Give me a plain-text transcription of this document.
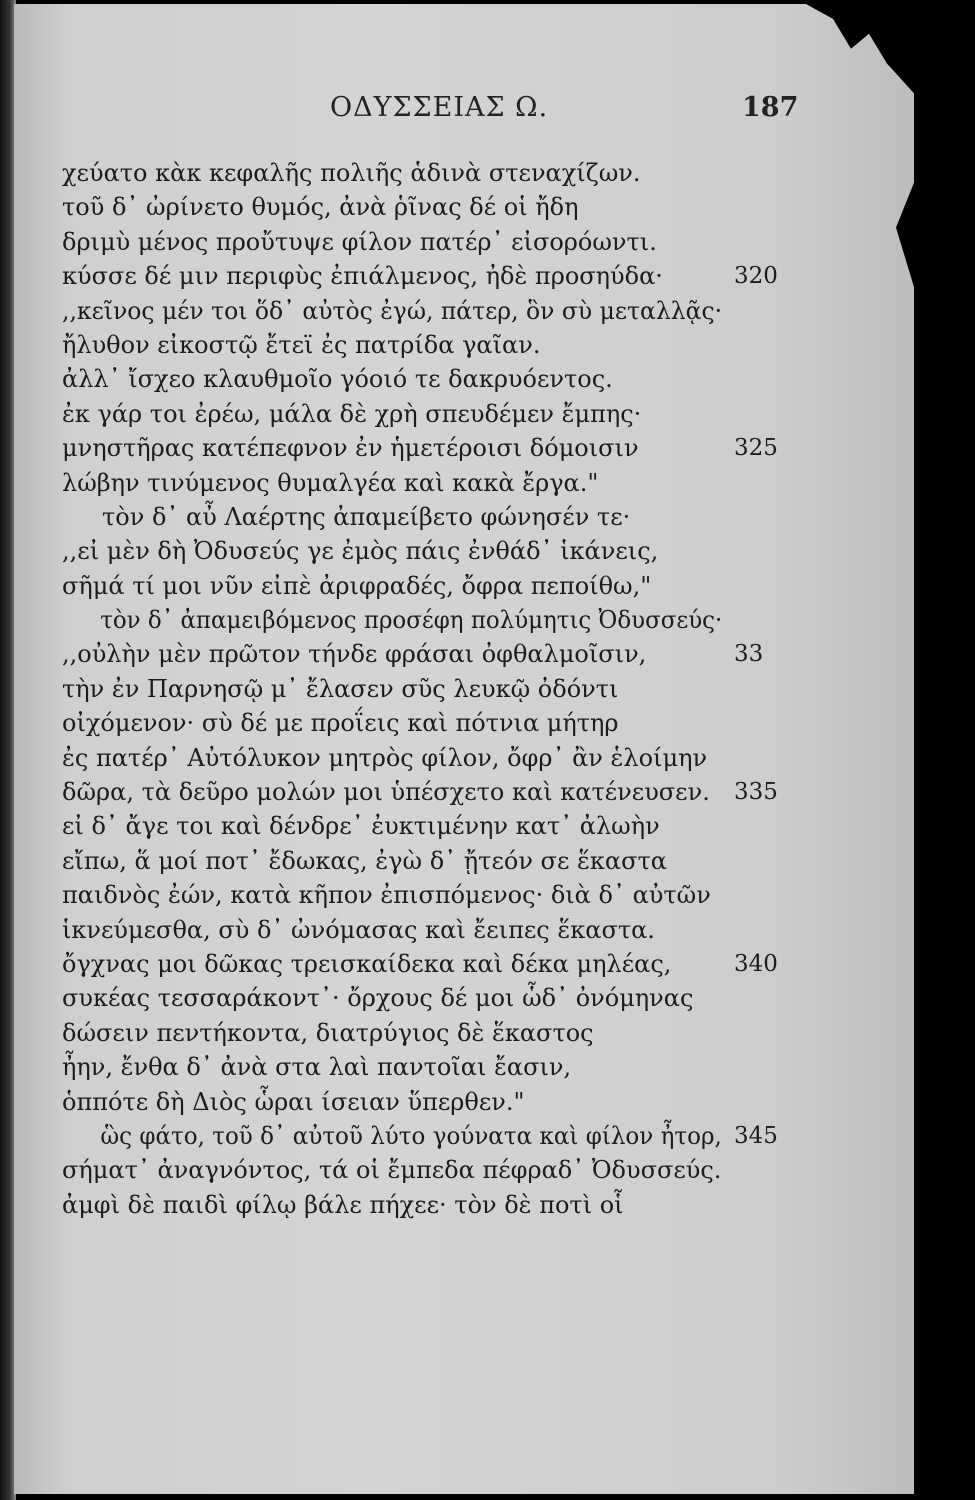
ΟΔΥΣΣΕΙΑΣ Ω.	187
χεύατο κὰκ κεφαλῆς πολιῆς ἁδινὰ στεναχίζων.
τοῦ δ᾽ ὠρίνετο θυμός, ἀνὰ ῥῖνας δέ οἱ ἤδη
δριμὺ μένος προὔτυψε φίλον πατέρ᾽ εἰσορόωντι.
κύσσε δέ μιν περιφὺς ἐπιάλμενος, ἠδὲ προσηύδα·	320
,,κεῖνος μέν τοι ὅδ᾽ αὐτὸς ἐγώ, πάτερ, ὃν σὺ μεταλλᾷς·
ἤλυθον εἰκοστῷ ἔτεϊ ἐς πατρίδα γαῖαν.
ἀλλ᾽ ἴσχεο κλαυθμοῖο γόοιό τε δακρυόεντος.
ἐκ γάρ τοι ἐρέω, μάλα δὲ χρὴ σπευδέμεν ἔμπης·
μνηστῆρας κατέπεφνον ἐν ἡμετέροισι δόμοισιν	325
λώβην τινύμενος θυμαλγέα καὶ κακὰ ἔργα."
τὸν δ᾽ αὖ Λαέρτης ἀπαμείβετο φώνησέν τε·
,,εἰ μὲν δὴ Ὀδυσεύς γε ἐμὸς πάις ἐνθάδ᾽ ἱκάνεις,
σῆμά τί μοι νῦν εἰπὲ ἀριφραδές, ὄφρα πεποίθω,"
τὸν δ᾽ ἀπαμειβόμενος προσέφη πολύμητις Ὀδυσσεύς·
,,οὐλὴν μὲν πρῶτον τήνδε φράσαι ὀφθαλμοῖσιν,	33
τὴν ἐν Παρνησῷ μ᾽ ἔλασεν σῦς λευκῷ ὀδόντι
οἰχόμενον· σὺ δέ με προΐεις καὶ πότνια μήτηρ
ἐς πατέρ᾽ Αὐτόλυκον μητρὸς φίλον, ὄφρ᾽ ἂν ἑλοίμην
δῶρα, τὰ δεῦρο μολών μοι ὑπέσχετο καὶ κατένευσεν. 335
εἰ δ᾽ ἄγε τοι καὶ δένδρε᾽ ἐυκτιμένην κατ᾽ ἀλωὴν
εἴπω, ἅ μοί ποτ᾽ ἔδωκας, ἐγὼ δ᾽ ᾔτεόν σε ἕκαστα
παιδνὸς ἐών, κατὰ κῆπον ἐπισπόμενος· διὰ δ᾽ αὐτῶν
ἱκνεύμεσθα, σὺ δ᾽ ὠνόμασας καὶ ἔειπες ἕκαστα.
ὄγχνας μοι δῶκας τρεισκαίδεκα καὶ δέκα μηλέας,	340
συκέας τεσσαράκοντ᾽· ὄρχους δέ μοι ὧδ᾽ ὀνόμηνας
δώσειν πεντήκοντα, διατρύγιος δὲ ἕκαστος
ἦην, ἔνθα δ᾽ ἀνὰ στα λαὶ παντοῖαι ἔασιν,
ὁππότε δὴ Διὸς ὧραι ίσειαν ὕπερθεν."
ὣς φάτο, τοῦ δ᾽ αὐτοῦ λύτο γούνατα καὶ φίλον ἦτορ, 345
σήματ᾽ ἀναγνόντος, τά οἱ ἔμπεδα πέφραδ᾽ Ὀδυσσεύς.
ἀμφὶ δὲ παιδὶ φίλῳ βάλε πήχεε· τὸν δὲ ποτὶ οἷ
